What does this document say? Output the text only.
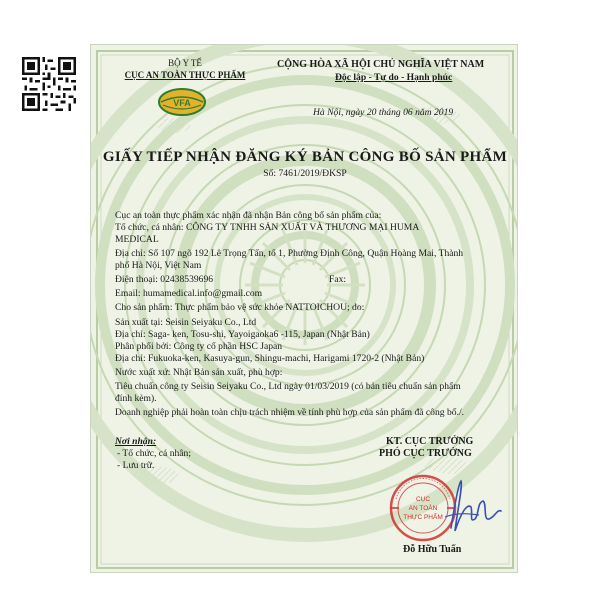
BỘ Y TẾ
CỤC AN TOÀN THỰC PHẨM
VFA
CỘNG HÒA XÃ HỘI CHỦ NGHĨA VIỆT NAM
Độc lập - Tự do - Hạnh phúc
Hà Nội, ngày 20 tháng 06 năm 2019
GIẤY TIẾP NHẬN ĐĂNG KÝ BẢN CÔNG BỐ SẢN PHẨM
Số: 7461/2019/ĐKSP
Cục an toàn thực phẩm xác nhận đã nhận Bản công bố sản phẩm của:
Tổ chức, cá nhân: CÔNG TY TNHH SẢN XUẤT VÀ THƯƠNG MẠI HUMA
MEDICAL
Địa chỉ: Số 107 ngõ 192 Lê Trọng Tấn, tổ 1, Phường Định Công, Quận Hoàng Mai, Thành
phố Hà Nội, Việt Nam
Điện thoại: 02438539696	Fax:
Email: humamedical.info@gmail.com
Cho sản phẩm: Thực phẩm bảo vệ sức khỏe NATTOICHOU; do:
Sản xuất tại: Seisin Seiyaku Co., Ltd
Địa chỉ: Saga- ken, Tosu-shi, Yayoigaoka6 -115, Japan (Nhật Bản)
Phân phối bởi: Công ty cổ phần HSC Japan
Địa chỉ: Fukuoka-ken, Kasuya-gun, Shingu-machi, Harigami 1720-2 (Nhật Bản)
Nước xuất xứ: Nhật Bản sản xuất, phù hợp:
Tiêu chuẩn công ty Seisin Seiyaku Co., Ltd ngày 01/03/2019 (có bản tiêu chuẩn sản phẩm
đính kèm).
Doanh nghiệp phải hoàn toàn chịu trách nhiệm về tính phù hợp của sản phẩm đã công bố./.
Nơi nhận:
- Tổ chức, cá nhân;
- Lưu trữ.
KT. CỤC TRƯỞNG
PHÓ CỤC TRƯỞNG
CỤC
AN TOÀN
THỰC PHẨM
Đỗ Hữu Tuấn
